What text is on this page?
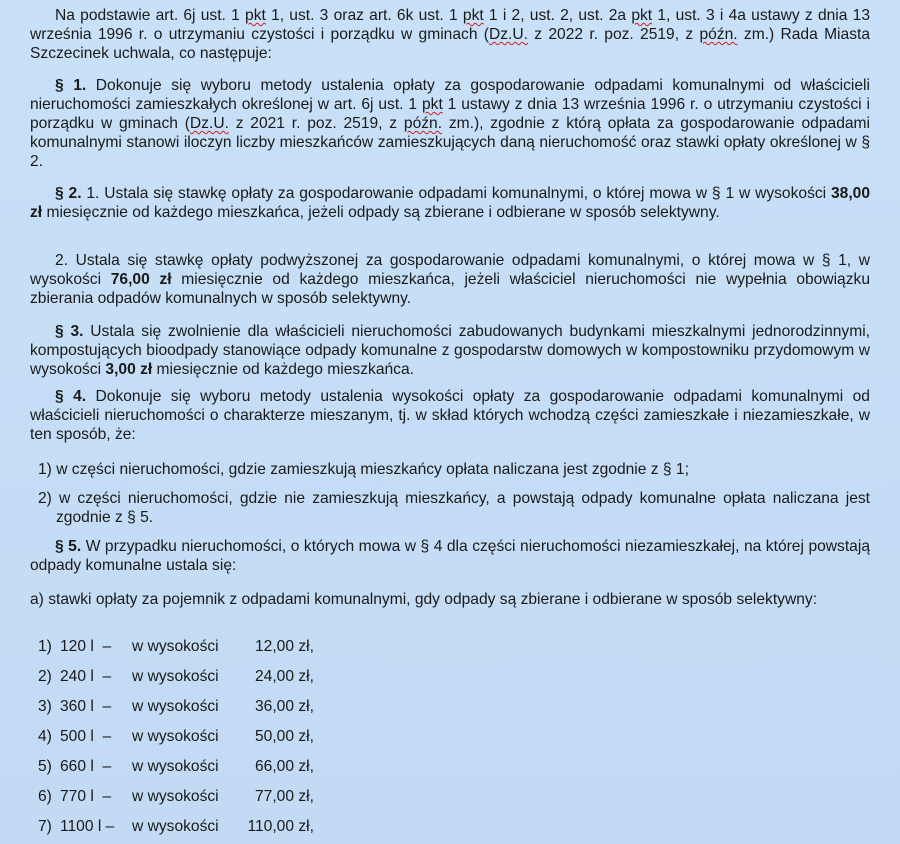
Na podstawie art. 6j ust. 1 pkt 1, ust. 3 oraz art. 6k ust. 1 pkt 1 i 2, ust. 2, ust. 2a pkt 1, ust. 3 i 4a ustawy z dnia 13 września 1996 r. o utrzymaniu czystości i porządku w gminach (Dz.U. z 2022 r. poz. 2519, z późn. zm.) Rada Miasta Szczecinek uchwala, co następuje:

§ 1. Dokonuje się wyboru metody ustalenia opłaty za gospodarowanie odpadami komunalnymi od właścicieli nieruchomości zamieszkałych określonej w art. 6j ust. 1 pkt 1 ustawy z dnia 13 września 1996 r. o utrzymaniu czystości i porządku w gminach (Dz.U. z 2021 r. poz. 2519, z późn. zm.), zgodnie z którą opłata za gospodarowanie odpadami komunalnymi stanowi iloczyn liczby mieszkańców zamieszkujących daną nieruchomość oraz stawki opłaty określonej w § 2.

§ 2. 1. Ustala się stawkę opłaty za gospodarowanie odpadami komunalnymi, o której mowa w § 1 w wysokości 38,00 zł miesięcznie od każdego mieszkańca, jeżeli odpady są zbierane i odbierane w sposób selektywny.

2. Ustala się stawkę opłaty podwyższonej za gospodarowanie odpadami komunalnymi, o której mowa w § 1, w wysokości 76,00 zł miesięcznie od każdego mieszkańca, jeżeli właściciel nieruchomości nie wypełnia obowiązku zbierania odpadów komunalnych w sposób selektywny.

§ 3. Ustala się zwolnienie dla właścicieli nieruchomości zabudowanych budynkami mieszkalnymi jednorodzinnymi, kompostujących bioodpady stanowiące odpady komunalne z gospodarstw domowych w kompostowniku przydomowym w wysokości 3,00 zł miesięcznie od każdego mieszkańca.

§ 4. Dokonuje się wyboru metody ustalenia wysokości opłaty za gospodarowanie odpadami komunalnymi od właścicieli nieruchomości o charakterze mieszanym, tj. w skład których wchodzą części zamieszkałe i niezamieszkałe, w ten sposób, że:

1) w części nieruchomości, gdzie zamieszkują mieszkańcy opłata naliczana jest zgodnie z § 1;

2) w części nieruchomości, gdzie nie zamieszkują mieszkańcy, a powstają odpady komunalne opłata naliczana jest zgodnie z § 5.

§ 5. W przypadku nieruchomości, o których mowa w § 4 dla części nieruchomości niezamieszkałej, na której powstają odpady komunalne ustala się:

a) stawki opłaty za pojemnik z odpadami komunalnymi, gdy odpady są zbierane i odbierane w sposób selektywny:

1) 120 l  – w wysokości 12,00 zł,

2) 240 l  – w wysokości 24,00 zł,

3) 360 l  – w wysokości 36,00 zł,

4) 500 l  – w wysokości 50,00 zł,

5) 660 l  – w wysokości 66,00 zł,

6) 770 l  – w wysokości 77,00 zł,

7) 1100 l – w wysokości 110,00 zł,
